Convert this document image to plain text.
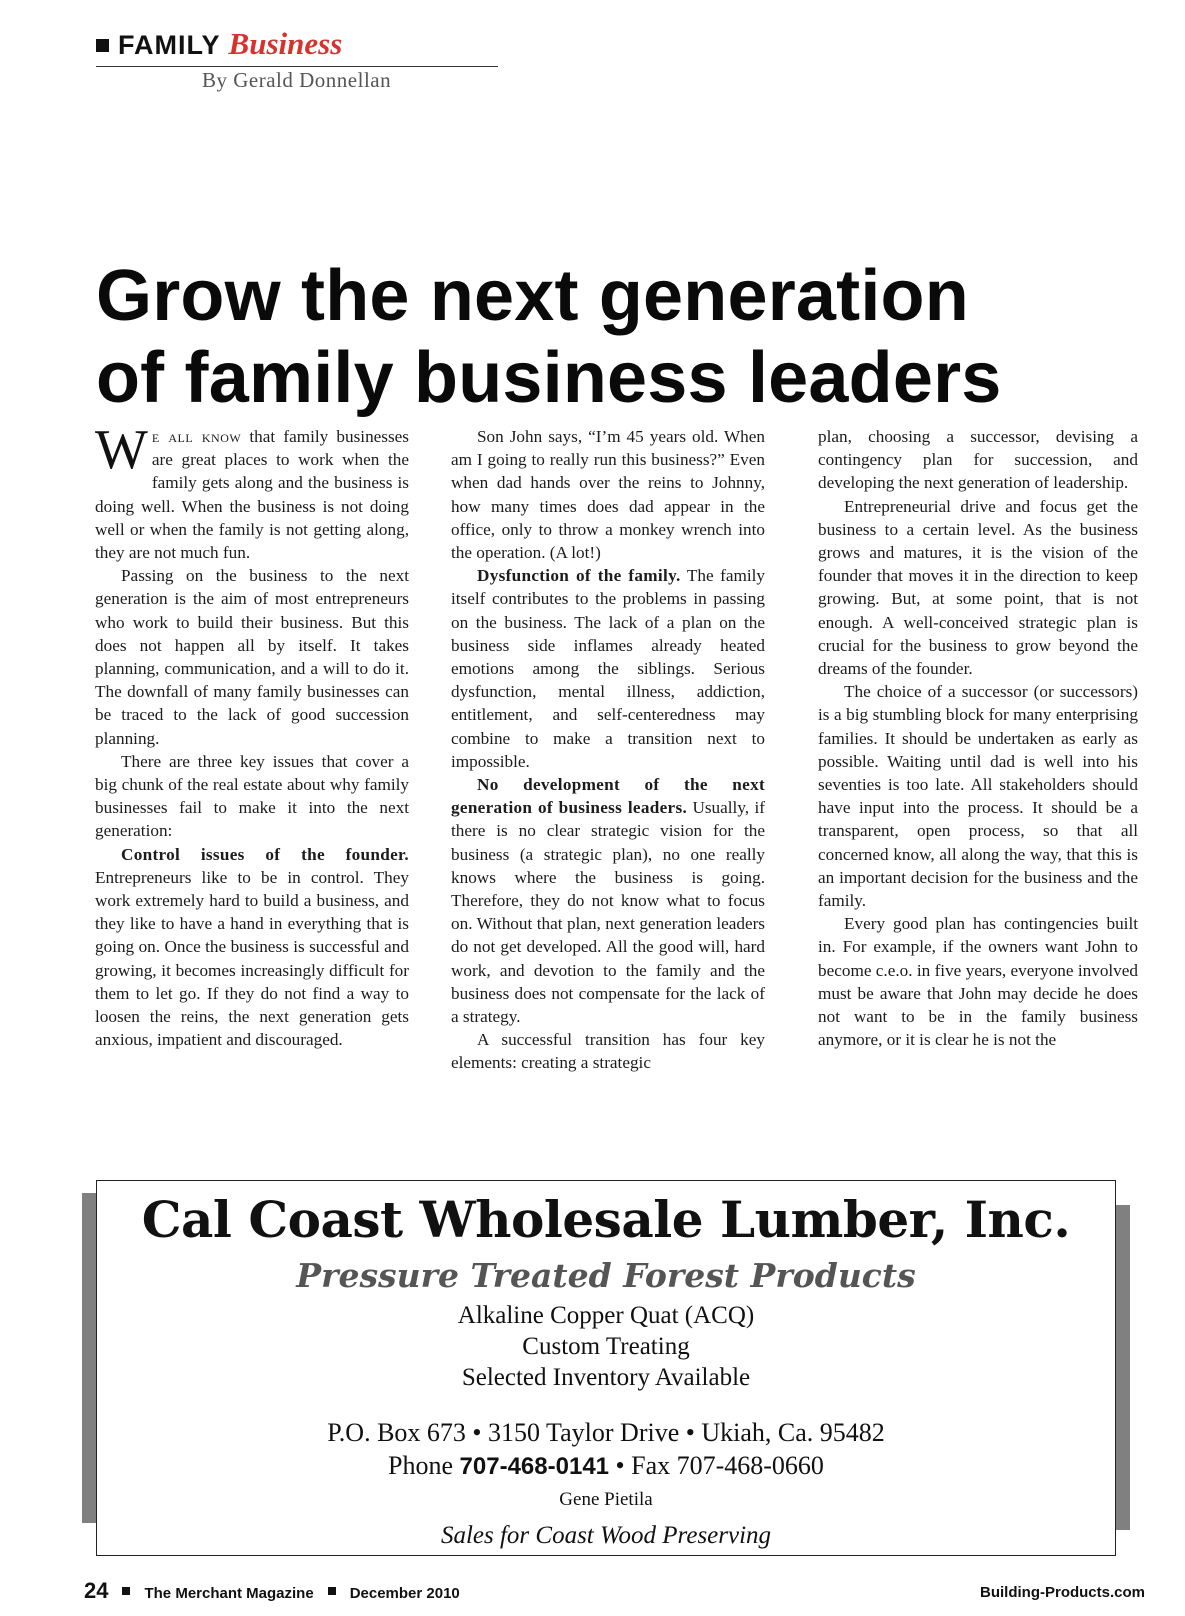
FAMILY Business
By Gerald Donnellan
Grow the next generation
of family business leaders

We all know that family businesses are great places to work when the family gets along and the business is doing well. When the business is not doing well or when the family is not getting along, they are not much fun.

Passing on the business to the next generation is the aim of most entrepreneurs who work to build their business. But this does not happen all by itself. It takes planning, communication, and a will to do it. The downfall of many family businesses can be traced to the lack of good succession planning.

There are three key issues that cover a big chunk of the real estate about why family businesses fail to make it into the next generation:

Control issues of the founder. Entrepreneurs like to be in control. They work extremely hard to build a business, and they like to have a hand in everything that is going on. Once the business is successful and growing, it becomes increasingly difficult for them to let go. If they do not find a way to loosen the reins, the next generation gets anxious, impatient and discouraged.

Son John says, “I’m 45 years old. When am I going to really run this business?” Even when dad hands over the reins to Johnny, how many times does dad appear in the office, only to throw a monkey wrench into the operation. (A lot!)

Dysfunction of the family. The family itself contributes to the problems in passing on the business. The lack of a plan on the business side inflames already heated emotions among the siblings. Serious dysfunction, mental illness, addiction, entitlement, and self-centeredness may combine to make a transition next to impossible.

No development of the next generation of business leaders. Usually, if there is no clear strategic vision for the business (a strategic plan), no one really knows where the business is going. Therefore, they do not know what to focus on. Without that plan, next generation leaders do not get developed. All the good will, hard work, and devotion to the family and the business does not compensate for the lack of a strategy.

A successful transition has four key elements: creating a strategic

plan, choosing a successor, devising a contingency plan for succession, and developing the next generation of leadership.

Entrepreneurial drive and focus get the business to a certain level. As the business grows and matures, it is the vision of the founder that moves it in the direction to keep growing. But, at some point, that is not enough. A well-conceived strategic plan is crucial for the business to grow beyond the dreams of the founder.

The choice of a successor (or successors) is a big stumbling block for many enterprising families. It should be undertaken as early as possible. Waiting until dad is well into his seventies is too late. All stakeholders should have input into the process. It should be a transparent, open process, so that all concerned know, all along the way, that this is an important decision for the business and the family.

Every good plan has contingencies built in. For example, if the owners want John to become c.e.o. in five years, everyone involved must be aware that John may decide he does not want to be in the family business anymore, or it is clear he is not the

Cal Coast Wholesale Lumber, Inc.
Pressure Treated Forest Products
Alkaline Copper Quat (ACQ)
Custom Treating
Selected Inventory Available
P.O. Box 673 • 3150 Taylor Drive • Ukiah, Ca. 95482
Phone 707-468-0141 • Fax 707-468-0660
Gene Pietila
Sales for Coast Wood Preserving
24 The Merchant Magazine December 2010	Building-Products.com
